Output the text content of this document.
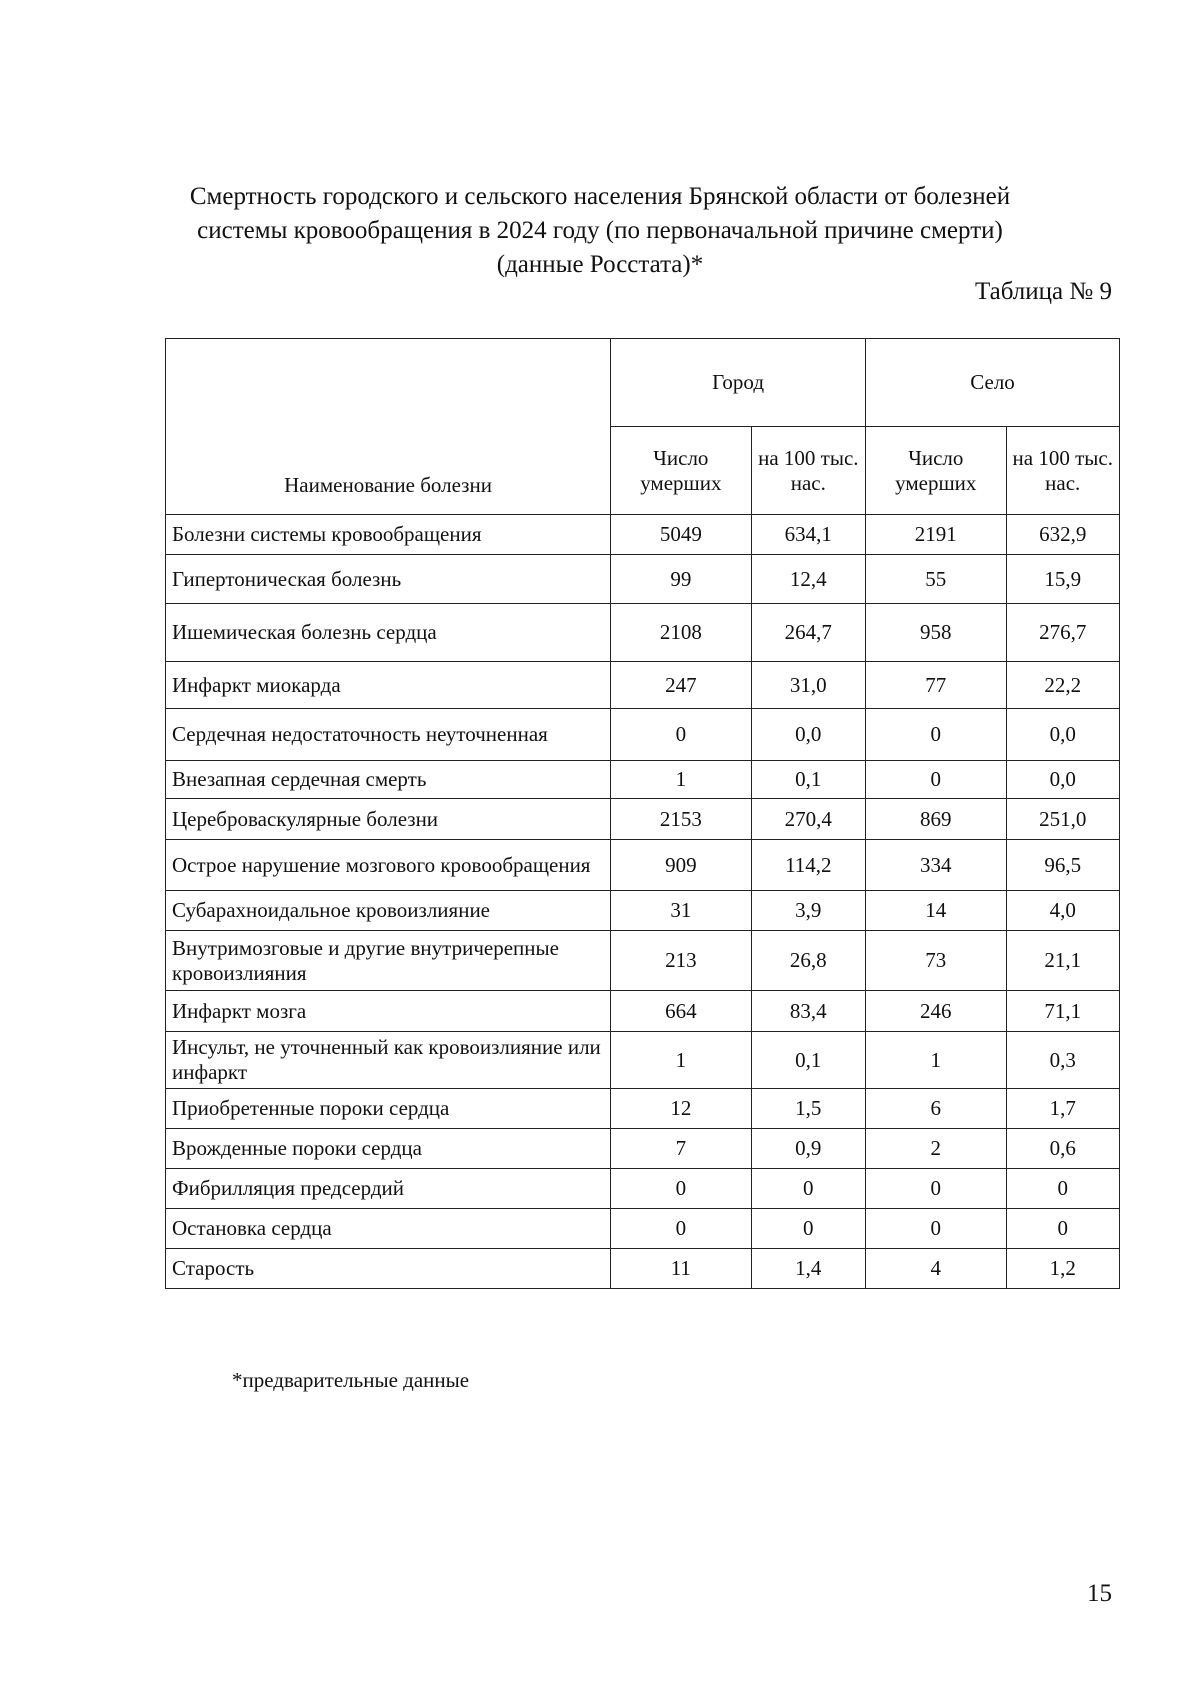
Смертность городского и сельского населения Брянской области от болезней
системы кровообращения в 2024 году (по первоначальной причине смерти)
(данные Росстата)*
Таблица № 9
Наименование болезни	Город		Село	
	Число умерших	на 100 тыс. нас.	Число умерших	на 100 тыс. нас.
Болезни системы кровообращения	5049	634,1	2191	632,9
Гипертоническая болезнь	99	12,4	55	15,9
Ишемическая болезнь сердца	2108	264,7	958	276,7
Инфаркт миокарда	247	31,0	77	22,2
Сердечная недостаточность неуточненная	0	0,0	0	0,0
Внезапная сердечная смерть	1	0,1	0	0,0
Цереброваскулярные болезни	2153	270,4	869	251,0
Острое нарушение мозгового кровообращения	909	114,2	334	96,5
Субарахноидальное кровоизлияние	31	3,9	14	4,0
Внутримозговые и другие внутричерепные кровоизлияния	213	26,8	73	21,1
Инфаркт мозга	664	83,4	246	71,1
Инсульт, не уточненный как кровоизлияние или инфаркт	1	0,1	1	0,3
Приобретенные пороки сердца	12	1,5	6	1,7
Врожденные пороки сердца	7	0,9	2	0,6
Фибрилляция предсердий	0	0	0	0
Остановка сердца	0	0	0	0
Старость	11	1,4	4	1,2
*предварительные данные
15
